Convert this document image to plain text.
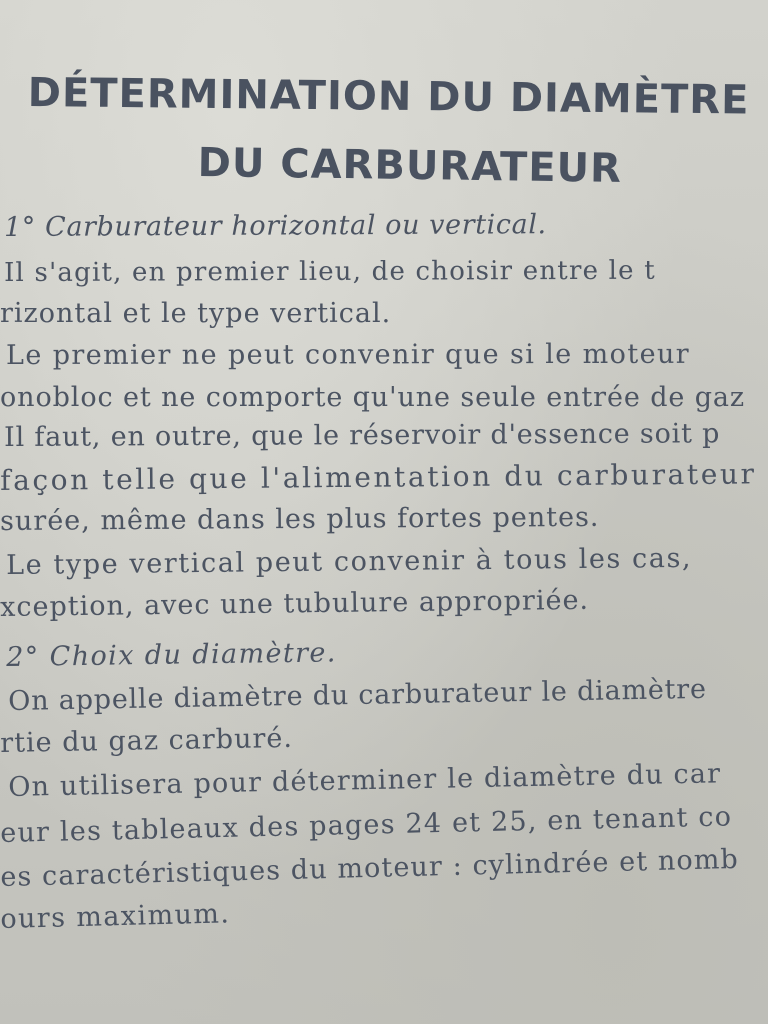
DÉTERMINATION DU DIAMÈTRE
DU CARBURATEUR

1° Carburateur horizontal ou vertical.

Il s'agit, en premier lieu, de choisir entre le t

rizontal et le type vertical.

Le premier ne peut convenir que si le moteur

onobloc et ne comporte qu'une seule entrée de gaz

Il faut, en outre, que le réservoir d'essence soit p

façon telle que l'alimentation du carburateur

surée, même dans les plus fortes pentes.

Le type vertical peut convenir à tous les cas,

xception, avec une tubulure appropriée.

2° Choix du diamètre.

On appelle diamètre du carburateur le diamètre

rtie du gaz carburé.

On utilisera pour déterminer le diamètre du car

eur les tableaux des pages 24 et 25, en tenant co

es caractéristiques du moteur : cylindrée et nomb

ours maximum.
